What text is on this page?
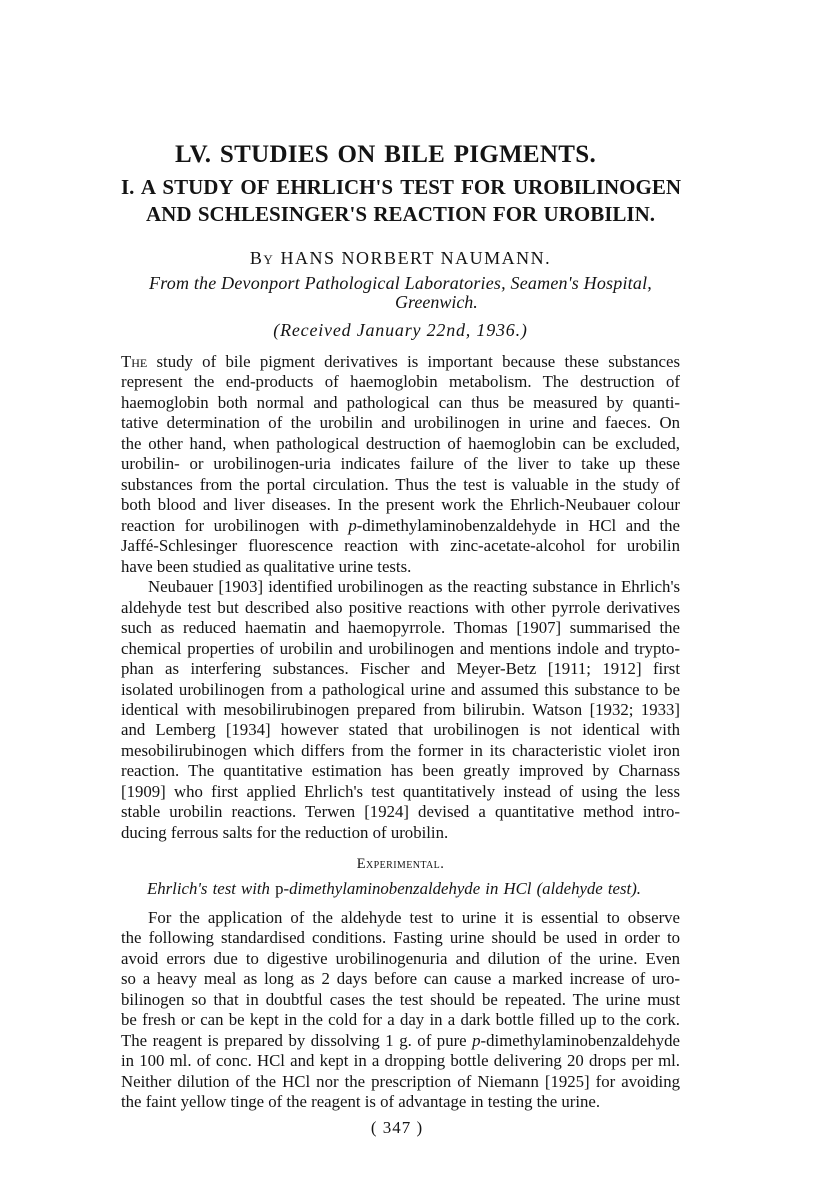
LV. STUDIES ON BILE PIGMENTS.
I. A STUDY OF EHRLICH'S TEST FOR UROBILINOGEN
AND SCHLESINGER'S REACTION FOR UROBILIN.
By HANS NORBERT NAUMANN.
From the Devonport Pathological Laboratories, Seamen's Hospital,
Greenwich.
(Received January 22nd, 1936.)
The study of bile pigment derivatives is important because these substances
represent the end-products of haemoglobin metabolism. The destruction of
haemoglobin both normal and pathological can thus be measured by quanti-
tative determination of the urobilin and urobilinogen in urine and faeces. On
the other hand, when pathological destruction of haemoglobin can be excluded,
urobilin- or urobilinogen-uria indicates failure of the liver to take up these
substances from the portal circulation. Thus the test is valuable in the study of
both blood and liver diseases. In the present work the Ehrlich-Neubauer colour
reaction for urobilinogen with p-dimethylaminobenzaldehyde in HCl and the
Jaffé-Schlesinger fluorescence reaction with zinc-acetate-alcohol for urobilin
have been studied as qualitative urine tests.
Neubauer [1903] identified urobilinogen as the reacting substance in Ehrlich's
aldehyde test but described also positive reactions with other pyrrole derivatives
such as reduced haematin and haemopyrrole. Thomas [1907] summarised the
chemical properties of urobilin and urobilinogen and mentions indole and trypto-
phan as interfering substances. Fischer and Meyer-Betz [1911; 1912] first
isolated urobilinogen from a pathological urine and assumed this substance to be
identical with mesobilirubinogen prepared from bilirubin. Watson [1932; 1933]
and Lemberg [1934] however stated that urobilinogen is not identical with
mesobilirubinogen which differs from the former in its characteristic violet iron
reaction. The quantitative estimation has been greatly improved by Charnass
[1909] who first applied Ehrlich's test quantitatively instead of using the less
stable urobilin reactions. Terwen [1924] devised a quantitative method intro-
ducing ferrous salts for the reduction of urobilin.
Experimental.
Ehrlich's test with p-dimethylaminobenzaldehyde in HCl (aldehyde test).
For the application of the aldehyde test to urine it is essential to observe
the following standardised conditions. Fasting urine should be used in order to
avoid errors due to digestive urobilinogenuria and dilution of the urine. Even
so a heavy meal as long as 2 days before can cause a marked increase of uro-
bilinogen so that in doubtful cases the test should be repeated. The urine must
be fresh or can be kept in the cold for a day in a dark bottle filled up to the cork.
The reagent is prepared by dissolving 1 g. of pure p-dimethylaminobenzaldehyde
in 100 ml. of conc. HCl and kept in a dropping bottle delivering 20 drops per ml.
Neither dilution of the HCl nor the prescription of Niemann [1925] for avoiding
the faint yellow tinge of the reagent is of advantage in testing the urine.
( 347 )
